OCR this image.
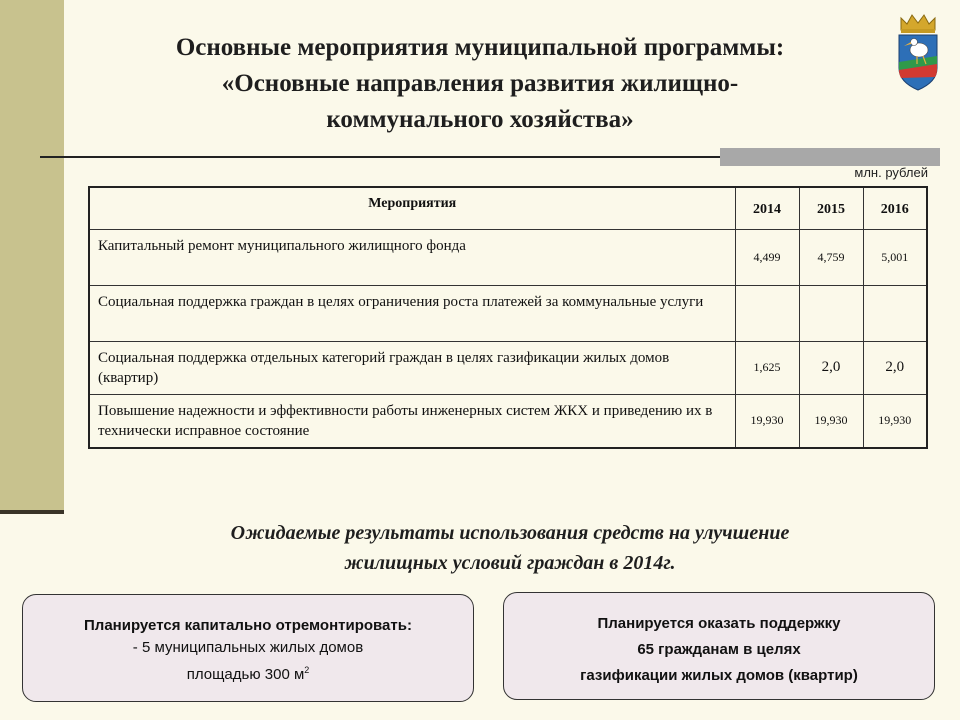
Основные мероприятия муниципальной программы:
«Основные направления развития жилищно-
коммунального хозяйства»
млн. рублей
Мероприятия	2014	2015	2016
Капитальный ремонт муниципального жилищного фонда	4,499	4,759	5,001
Социальная поддержка граждан в целях ограничения роста платежей за коммунальные услуги			
Социальная поддержка отдельных категорий граждан в целях газификации жилых домов (квартир)	1,625	2,0	2,0
Повышение надежности и эффективности работы инженерных систем ЖКХ и приведению их в технически исправное состояние	19,930	19,930	19,930
Ожидаемые результаты использования средств на улучшение
жилищных условий граждан в 2014г.
Планируется капитально отремонтировать:
- 5 муниципальных жилых домов
площадью 300 $м^2$
Планируется оказать поддержку
65 гражданам в целях
газификации жилых домов (квартир)
